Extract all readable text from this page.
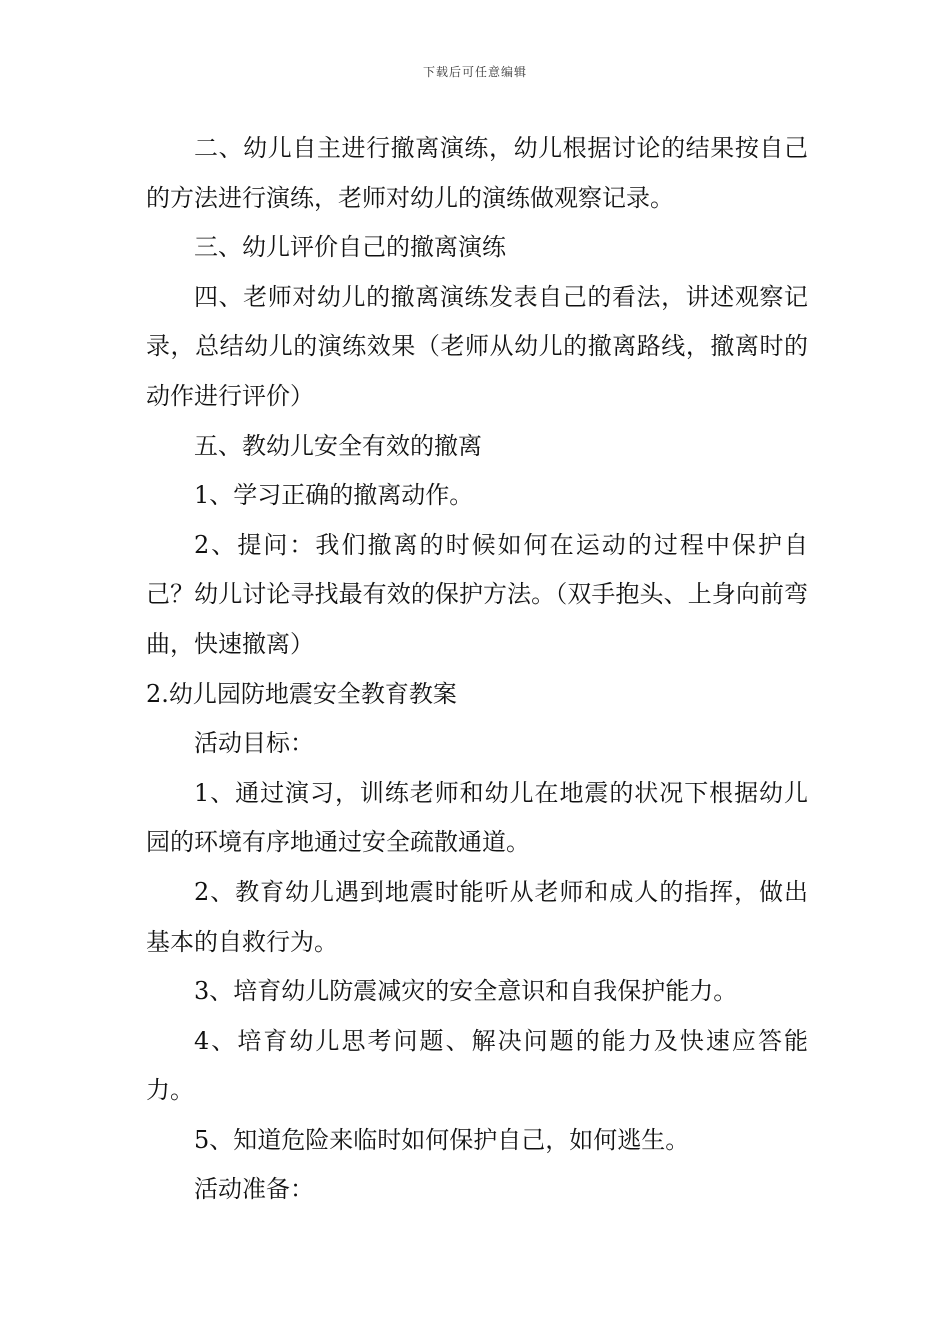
下载后可任意编辑

二、幼儿自主进行撤离演练，幼儿根据讨论的结果按自己的方法进行演练，老师对幼儿的演练做观察记录。

三、幼儿评价自己的撤离演练

四、老师对幼儿的撤离演练发表自己的看法，讲述观察记录，总结幼儿的演练效果（老师从幼儿的撤离路线，撤离时的动作进行评价）

五、教幼儿安全有效的撤离

1、学习正确的撤离动作。

2、提问：我们撤离的时候如何在运动的过程中保护自己？幼儿讨论寻找最有效的保护方法。（双手抱头、上身向前弯曲，快速撤离）

2.幼儿园防地震安全教育教案

活动目标：

1、通过演习，训练老师和幼儿在地震的状况下根据幼儿园的环境有序地通过安全疏散通道。

2、教育幼儿遇到地震时能听从老师和成人的指挥，做出基本的自救行为。

3、培育幼儿防震减灾的安全意识和自我保护能力。

4、培育幼儿思考问题、解决问题的能力及快速应答能力。

5、知道危险来临时如何保护自己，如何逃生。

活动准备：
